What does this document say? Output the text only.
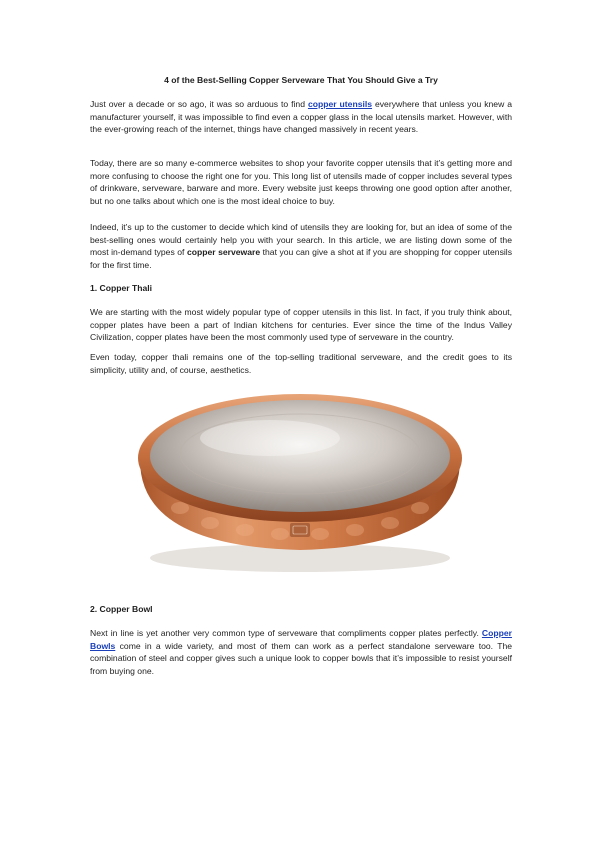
4 of the Best-Selling Copper Serveware That You Should Give a Try

Just over a decade or so ago, it was so arduous to find copper utensils everywhere that unless you knew a manufacturer yourself, it was impossible to find even a copper glass in the local utensils market. However, with the ever-growing reach of the internet, things have changed massively in recent years.

Today, there are so many e-commerce websites to shop your favorite copper utensils that it’s getting more and more confusing to choose the right one for you. This long list of utensils made of copper includes several types of drinkware, serveware, barware and more. Every website just keeps throwing one good option after another, but no one talks about which one is the most ideal choice to buy.

Indeed, it’s up to the customer to decide which kind of utensils they are looking for, but an idea of some of the best-selling ones would certainly help you with your search. In this article, we are listing down some of the most in-demand types of copper serveware that you can give a shot at if you are shopping for copper utensils for the first time.

1. Copper Thali

We are starting with the most widely popular type of copper utensils in this list. In fact, if you truly think about, copper plates have been a part of Indian kitchens for centuries. Ever since the time of the Indus Valley Civilization, copper plates have been the most commonly used type of serveware in the country.

Even today, copper thali remains one of the top-selling traditional serveware, and the credit goes to its simplicity, utility and, of course, aesthetics.

2. Copper Bowl

Next in line is yet another very common type of serveware that compliments copper plates perfectly. Copper Bowls come in a wide variety, and most of them can work as a perfect standalone serveware too. The combination of steel and copper gives such a unique look to copper bowls that it’s impossible to resist yourself from buying one.
